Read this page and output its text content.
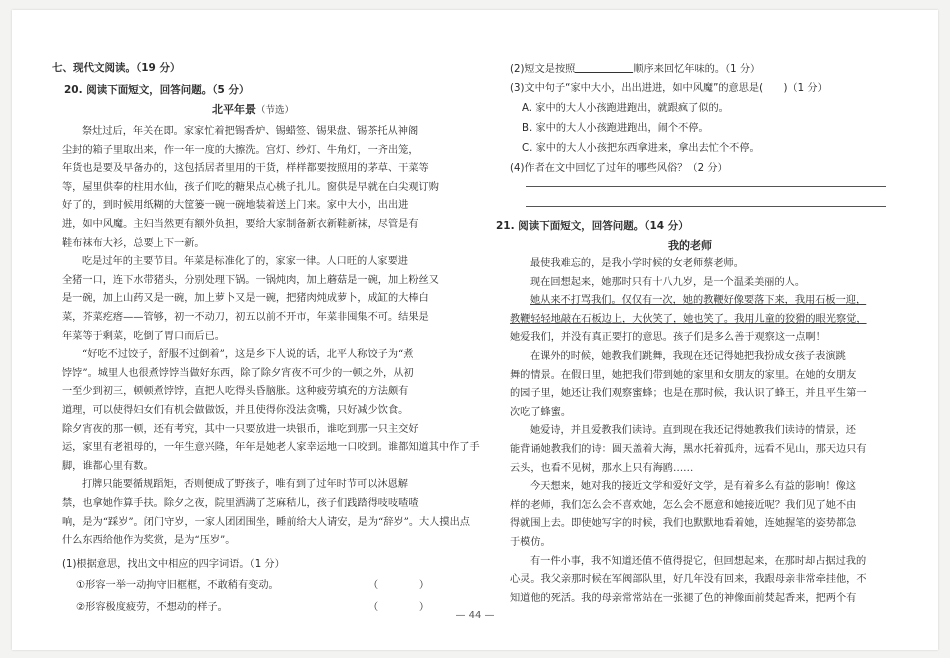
七、现代文阅读。（19 分）
20. 阅读下面短文，回答问题。（5 分）
北平年景（节选）
祭灶过后，年关在即。家家忙着把锡香炉、锡蜡签、锡果盘、锡茶托从神阁
尘封的箱子里取出来，作一年一度的大擦洗。宫灯、纱灯、牛角灯，一齐出笼，
年货也是要及早备办的，这包括居者里用的干货，样样都要按照用的茅草、干菜等
等，屋里供奉的柱用水仙，孩子们吃的糖果点心桃子扎儿。窗供是早就在白尖观订购
好了的，到时候用纸糊的大筐篓一碗一碗地装着送上门来。家中大小，出出进
进，如中风魔。主妇当然更有额外负担，要给大家制备新衣新鞋新袜，尽管是有
鞋布袜布大衫，总要上下一新。
吃是过年的主要节目。年菜是标准化了的，家家一律。人口旺的人家要进
全猪一口，连下水带猪头，分别处理下锅。一锅炖肉，加上蘑菇是一碗，加上粉丝又
是一碗，加上山药又是一碗，加上萝卜又是一碗，把猪肉炖成萝卜，成缸的大棒白
菜，芥菜疙瘩——管够，初一不动刀，初五以前不开市，年菜非囤集不可。结果是
年菜等于剩菜，吃倒了胃口而后已。
“好吃不过饺子，舒服不过倒着”，这是乡下人说的话，北平人称饺子为“煮
饽饽”。城里人也很煮饽饽当做好东西，除了除夕宵夜不可少的一顿之外，从初
一至少到初三，顿顿煮饽饽，直把人吃得头昏脑胀。这种疲劳填充的方法颇有
道理，可以使得妇女们有机会做做饭，并且使得你没法贪嘴，只好减少饮食。
除夕宵夜的那一顿，还有考究，其中一只要放进一块银币，谁吃到那一只主交好
运，家里有老祖母的，一年生意兴隆，年年是她老人家幸运地一口咬到。谁都知道其中作了手
脚，谁都心里有数。
打牌只能要循规蹈矩，否则便成了野孩子，唯有到了过年时节可以沐恩解
禁，也拿她作算手扶。除夕之夜，院里洒满了芝麻秸儿，孩子们践踏得吱吱喳喳
响，是为“踩岁”。闭门守岁，一家人团团围坐，睡前给大人请安，是为“辞岁”。大人摸出点
什么东西给他作为奖赏，是为“压岁”。
(1)根据意思，找出文中相应的四字词语。（1 分）
①形容一举一动拘守旧框框，不敢稍有变动。	（　　　　）
②形容极度疲劳，不想动的样子。	（　　　　）
(2)短文是按照	顺序来回忆年味的。（1 分）
(3)文中句子“家中大小，出出进进，如中风魔”的意思是(　　)（1 分）
A. 家中的大人小孩跑进跑出，就跟疯了似的。
B. 家中的大人小孩跑进跑出，闹个不停。
C. 家中的大人小孩把东西拿进来，拿出去忙个不停。
(4)作者在文中回忆了过年的哪些风俗？（2 分）
21. 阅读下面短文，回答问题。（14 分）
我的老师
最使我难忘的，是我小学时候的女老师蔡老师。
现在回想起来，她那时只有十八九岁，是一个温柔美丽的人。
她从来不打骂我们。仅仅有一次，她的教鞭好像要落下来，我用石板一迎，
教鞭轻轻地敲在石板边上，大伙笑了，她也笑了。我用儿童的狡猾的眼光察觉，
她爱我们，并没有真正要打的意思。孩子们是多么善于观察这一点啊！
在课外的时候，她教我们跳舞，我现在还记得她把我扮成女孩子表演跳
舞的情景。在假日里，她把我们带到她的家里和女朋友的家里。在她的女朋友
的园子里，她还让我们观察蜜蜂；也是在那时候，我认识了蜂王，并且平生第一
次吃了蜂蜜。
她爱诗，并且爱教我们读诗。直到现在我还记得她教我们读诗的情景，还
能背诵她教我们的诗：圆天盖着大海，黑水托着孤舟，远看不见山，那天边只有
云头，也看不见树，那水上只有海鸥……
今天想来，她对我的接近文学和爱好文学，是有着多么有益的影响！像这
样的老师，我们怎么会不喜欢她，怎么会不愿意和她接近呢？我们见了她不由
得就围上去。即使她写字的时候，我们也默默地看着她，连她握笔的姿势都急
于模仿。
有一件小事，我不知道还值不值得提它，但回想起来，在那时却占据过我的
心灵。我父亲那时候在军阀部队里，好几年没有回来，我跟母亲非常牵挂他，不
知道他的死活。我的母亲常常站在一张褪了色的神像面前焚起香来，把两个有
— 44 —
